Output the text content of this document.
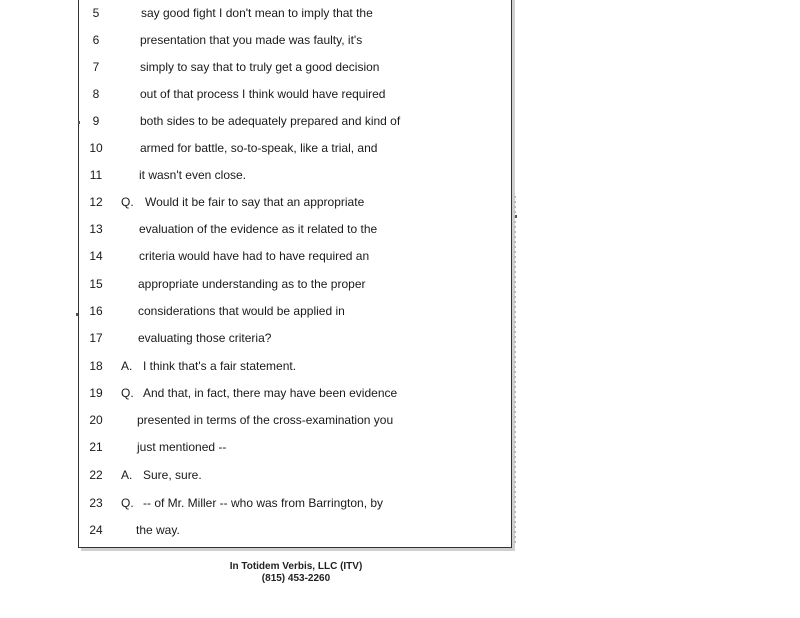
5	say good fight I don't mean to imply that the
6	presentation that you made was faulty, it's
7	simply to say that to truly get a good decision
8	out of that process I think would have required
9	both sides to be adequately prepared and kind of
10	armed for battle, so-to-speak, like a trial, and
11	it wasn't even close.
12	Q. Would it be fair to say that an appropriate
13	evaluation of the evidence as it related to the
14	criteria would have had to have required an
15	appropriate understanding as to the proper
16	considerations that would be applied in
17	evaluating those criteria?
18	A. I think that's a fair statement.
19	Q. And that, in fact, there may have been evidence
20	presented in terms of the cross-examination you
21	just mentioned --
22	A. Sure, sure.
23	Q. -- of Mr. Miller -- who was from Barrington, by
24	the way.
In Totidem Verbis, LLC (ITV)
(815) 453-2260
